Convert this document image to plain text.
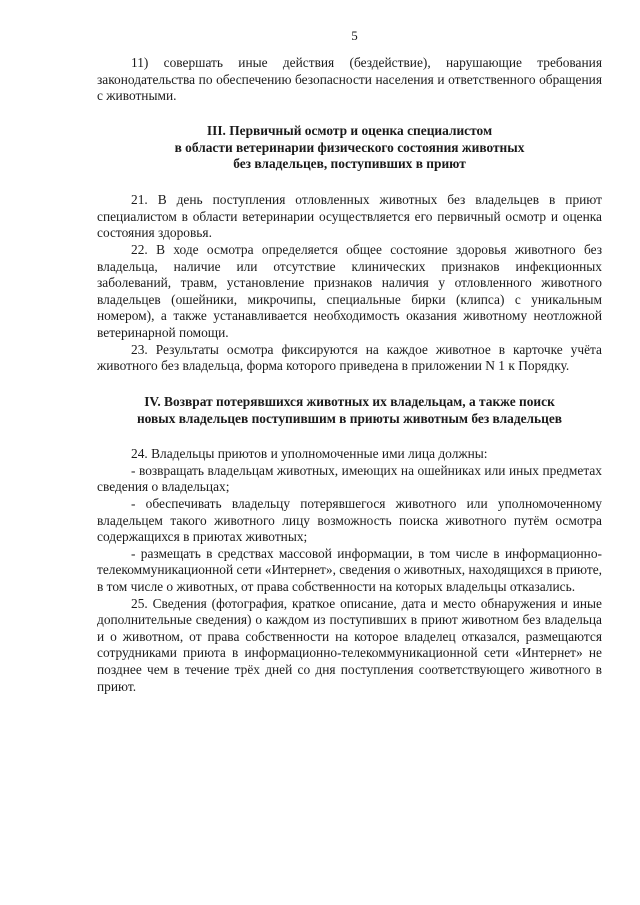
5

11) совершать иные действия (бездействие), нарушающие требования законодательства по обеспечению безопасности населения и ответственного обращения с животными.

III. Первичный осмотр и оценка специалистом
в области ветеринарии физического состояния животных
без владельцев, поступивших в приют

21. В день поступления отловленных животных без владельцев в приют специалистом в области ветеринарии осуществляется его первичный осмотр и оценка состояния здоровья.

22. В ходе осмотра определяется общее состояние здоровья животного без владельца, наличие или отсутствие клинических признаков инфекционных заболеваний, травм, установление признаков наличия у отловленного животного владельцев (ошейники, микрочипы, специальные бирки (клипса) с уникальным номером), а также устанавливается необходимость оказания животному неотложной ветеринарной помощи.

23. Результаты осмотра фиксируются на каждое животное в карточке учёта животного без владельца, форма которого приведена в приложении N 1 к Порядку.

IV. Возврат потерявшихся животных их владельцам, а также поиск
новых владельцев поступившим в приюты животным без владельцев

24. Владельцы приютов и уполномоченные ими лица должны:

- возвращать владельцам животных, имеющих на ошейниках или иных предметах сведения о владельцах;

- обеспечивать владельцу потерявшегося животного или уполномоченному владельцем такого животного лицу возможность поиска животного путём осмотра содержащихся в приютах животных;

- размещать в средствах массовой информации, в том числе в информационно-телекоммуникационной сети «Интернет», сведения о животных, находящихся в приюте, в том числе о животных, от права собственности на которых владельцы отказались.

25. Сведения (фотография, краткое описание, дата и место обнаружения и иные дополнительные сведения) о каждом из поступивших в приют животном без владельца и о животном, от права собственности на которое владелец отказался, размещаются сотрудниками приюта в информационно-телекоммуникационной сети «Интернет» не позднее чем в течение трёх дней со дня поступления соответствующего животного в приют.
